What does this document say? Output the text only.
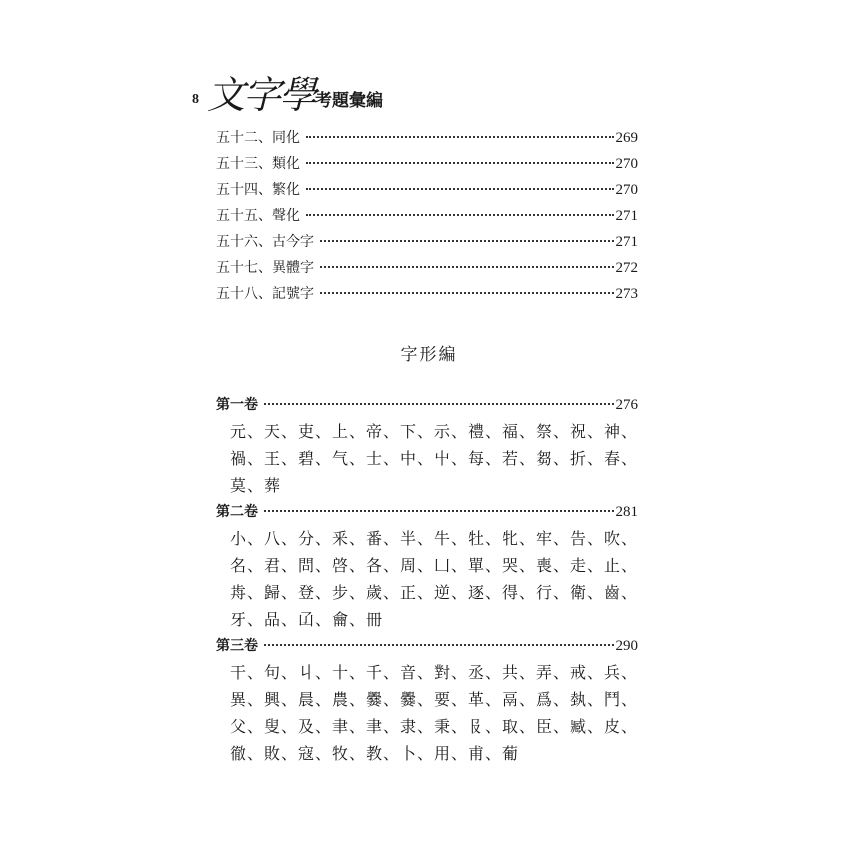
8 文字學 考題彙編
五十二、同化	269
五十三、類化	270
五十四、繁化	270
五十五、聲化	271
五十六、古今字	271
五十七、異體字	272
五十八、記號字	273
字形編
第一卷	276
元、天、吏、上、帝、下、示、禮、福、祭、祝、神、
禍、王、碧、气、士、中、屮、每、若、芻、折、春、
莫、葬
第二卷	281
小、八、分、釆、番、半、牛、牡、牝、牢、告、吹、
名、君、問、啓、各、周、凵、單、哭、喪、走、止、
歬、歸、登、步、歲、正、逆、逐、得、行、衛、齒、
牙、品、𠙶、龠、冊
第三卷	290
干、句、丩、十、千、音、對、丞、共、弄、戒、兵、
異、興、晨、農、爨、爨、要、革、鬲、爲、埶、鬥、
父、叟、及、聿、聿、隶、秉、𠬝、取、臣、臧、皮、
徹、敗、寇、牧、教、卜、用、甫、葡
